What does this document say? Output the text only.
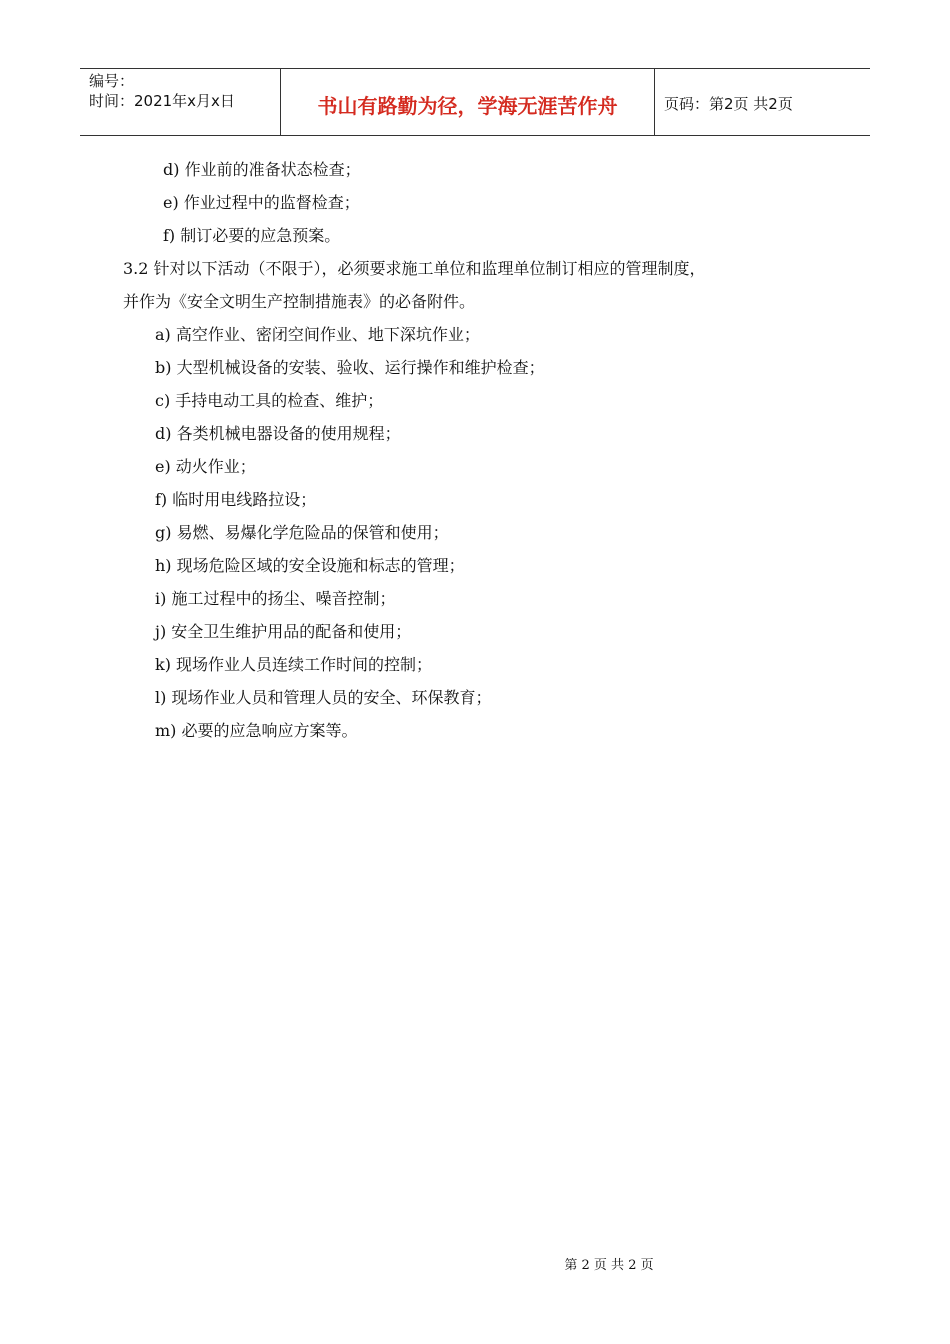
编号：
时间：2021年x月x日	书山有路勤为径，学海无涯苦作舟	页码：第2页 共2页
d) 作业前的准备状态检查；
e) 作业过程中的监督检查；
f) 制订必要的应急预案。
3.2 针对以下活动（不限于），必须要求施工单位和监理单位制订相应的管理制度，
并作为《安全文明生产控制措施表》的必备附件。
a) 高空作业、密闭空间作业、地下深坑作业；
b) 大型机械设备的安装、验收、运行操作和维护检查；
c) 手持电动工具的检查、维护；
d) 各类机械电器设备的使用规程；
e) 动火作业；
f) 临时用电线路拉设；
g) 易燃、易爆化学危险品的保管和使用；
h) 现场危险区域的安全设施和标志的管理；
i) 施工过程中的扬尘、噪音控制；
j) 安全卫生维护用品的配备和使用；
k) 现场作业人员连续工作时间的控制；
l) 现场作业人员和管理人员的安全、环保教育；
m) 必要的应急响应方案等。
第 2 页 共 2 页
